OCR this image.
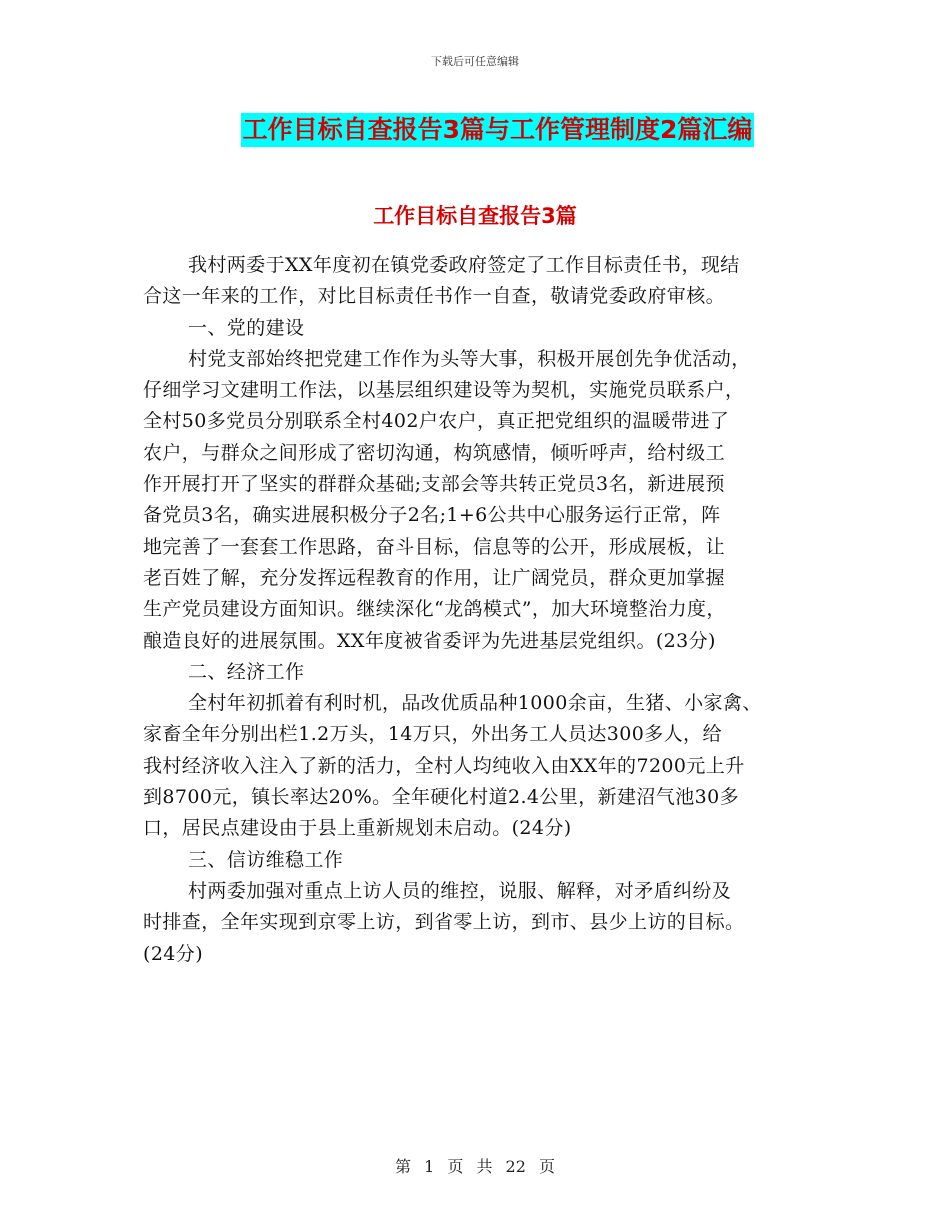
下载后可任意编辑
工作目标自查报告3篇与工作管理制度2篇汇编
工作目标自查报告3篇
我村两委于XX年度初在镇党委政府签定了工作目标责任书，现结
合这一年来的工作，对比目标责任书作一自查，敬请党委政府审核。
一、党的建设
村党支部始终把党建工作作为头等大事，积极开展创先争优活动，
仔细学习文建明工作法，以基层组织建设等为契机，实施党员联系户，
全村50多党员分别联系全村402户农户，真正把党组织的温暖带进了
农户，与群众之间形成了密切沟通，构筑感情，倾听呼声，给村级工
作开展打开了坚实的群群众基础;支部会等共转正党员3名，新进展预
备党员3名，确实进展积极分子2名;1+6公共中心服务运行正常，阵
地完善了一套套工作思路，奋斗目标，信息等的公开，形成展板，让
老百姓了解，充分发挥远程教育的作用，让广阔党员，群众更加掌握
生产党员建设方面知识。继续深化“龙鸽模式”，加大环境整治力度，
酿造良好的进展氛围。XX年度被省委评为先进基层党组织。(23分)
二、经济工作
全村年初抓着有利时机，品改优质品种1000余亩，生猪、小家禽、
家畜全年分别出栏1.2万头，14万只，外出务工人员达300多人，给
我村经济收入注入了新的活力，全村人均纯收入由XX年的7200元上升
到8700元，镇长率达20%。全年硬化村道2.4公里，新建沼气池30多
口，居民点建设由于县上重新规划未启动。(24分)
三、信访维稳工作
村两委加强对重点上访人员的维控，说服、解释，对矛盾纠纷及
时排查，全年实现到京零上访，到省零上访，到市、县少上访的目标。
(24分)
第 1 页 共 22 页
